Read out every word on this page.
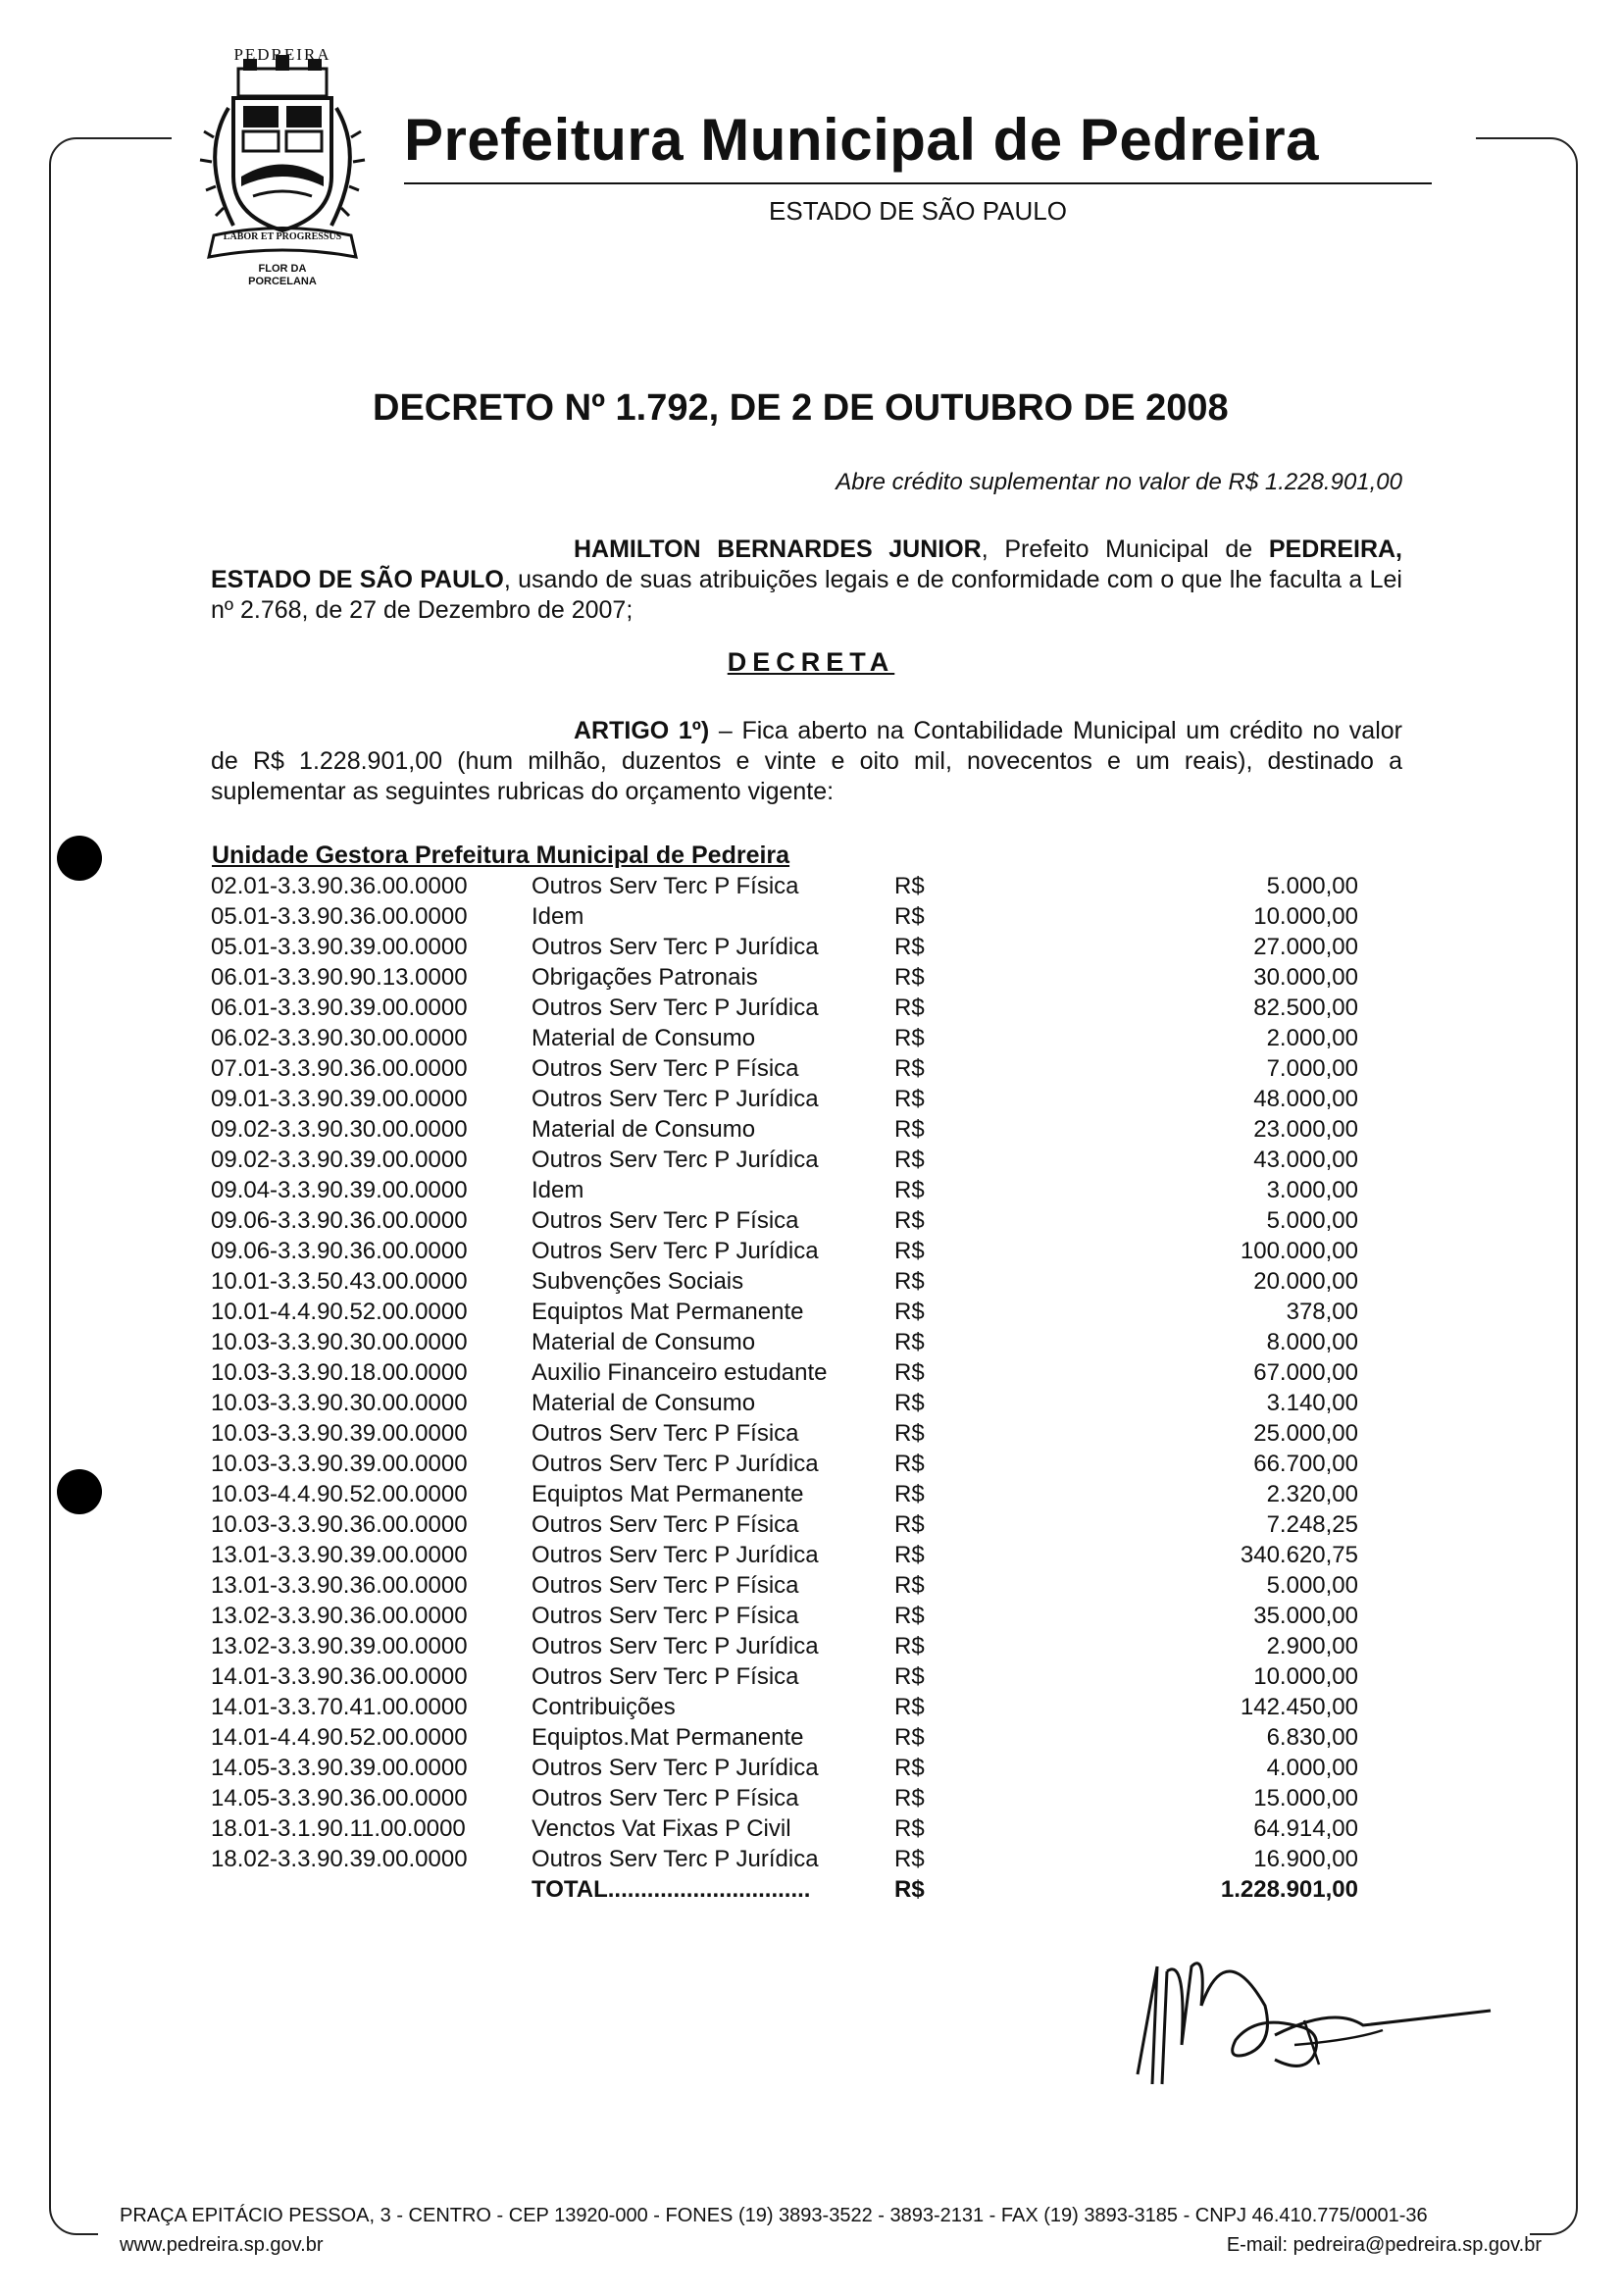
PEDREIRA
LABOR ET PROGRESSUS
FLOR DA
PORCELANA
Prefeitura Municipal de Pedreira
ESTADO DE SÃO PAULO
DECRETO Nº 1.792, DE 2 DE OUTUBRO DE 2008
Abre crédito suplementar no valor de R$ 1.228.901,00
HAMILTON BERNARDES JUNIOR, Prefeito Municipal de PEDREIRA, ESTADO DE SÃO PAULO, usando de suas atribuições legais e de conformidade com o que lhe faculta a Lei nº 2.768, de 27 de Dezembro de 2007;
DECRETA
ARTIGO 1º) – Fica aberto na Contabilidade Municipal um crédito no valor de R$ 1.228.901,00 (hum milhão, duzentos e vinte e oito mil, novecentos e um reais), destinado a suplementar as seguintes rubricas do orçamento vigente:
Unidade Gestora Prefeitura Municipal de Pedreira
02.01-3.3.90.36.00.0000	Outros Serv Terc P Física	R$	5.000,00
05.01-3.3.90.36.00.0000	Idem	R$	10.000,00
05.01-3.3.90.39.00.0000	Outros Serv Terc P Jurídica	R$	27.000,00
06.01-3.3.90.90.13.0000	Obrigações Patronais	R$	30.000,00
06.01-3.3.90.39.00.0000	Outros Serv Terc P Jurídica	R$	82.500,00
06.02-3.3.90.30.00.0000	Material de Consumo	R$	2.000,00
07.01-3.3.90.36.00.0000	Outros Serv Terc P Física	R$	7.000,00
09.01-3.3.90.39.00.0000	Outros Serv Terc P Jurídica	R$	48.000,00
09.02-3.3.90.30.00.0000	Material de Consumo	R$	23.000,00
09.02-3.3.90.39.00.0000	Outros Serv Terc P Jurídica	R$	43.000,00
09.04-3.3.90.39.00.0000	Idem	R$	3.000,00
09.06-3.3.90.36.00.0000	Outros Serv Terc P Física	R$	5.000,00
09.06-3.3.90.36.00.0000	Outros Serv Terc P Jurídica	R$	100.000,00
10.01-3.3.50.43.00.0000	Subvenções Sociais	R$	20.000,00
10.01-4.4.90.52.00.0000	Equiptos Mat Permanente	R$	378,00
10.03-3.3.90.30.00.0000	Material de Consumo	R$	8.000,00
10.03-3.3.90.18.00.0000	Auxilio Financeiro estudante	R$	67.000,00
10.03-3.3.90.30.00.0000	Material de Consumo	R$	3.140,00
10.03-3.3.90.39.00.0000	Outros Serv Terc P Física	R$	25.000,00
10.03-3.3.90.39.00.0000	Outros Serv Terc P Jurídica	R$	66.700,00
10.03-4.4.90.52.00.0000	Equiptos Mat Permanente	R$	2.320,00
10.03-3.3.90.36.00.0000	Outros Serv Terc P Física	R$	7.248,25
13.01-3.3.90.39.00.0000	Outros Serv Terc P Jurídica	R$	340.620,75
13.01-3.3.90.36.00.0000	Outros Serv Terc P Física	R$	5.000,00
13.02-3.3.90.36.00.0000	Outros Serv Terc P Física	R$	35.000,00
13.02-3.3.90.39.00.0000	Outros Serv Terc P Jurídica	R$	2.900,00
14.01-3.3.90.36.00.0000	Outros Serv Terc P Física	R$	10.000,00
14.01-3.3.70.41.00.0000	Contribuições	R$	142.450,00
14.01-4.4.90.52.00.0000	Equiptos.Mat Permanente	R$	6.830,00
14.05-3.3.90.39.00.0000	Outros Serv Terc P Jurídica	R$	4.000,00
14.05-3.3.90.36.00.0000	Outros Serv Terc P Física	R$	15.000,00
18.01-3.1.90.11.00.0000	Venctos Vat Fixas P Civil	R$	64.914,00
18.02-3.3.90.39.00.0000	Outros Serv Terc P Jurídica	R$	16.900,00
TOTAL...............................	R$	1.228.901,00
PRAÇA EPITÁCIO PESSOA, 3 - CENTRO - CEP 13920-000 - FONES (19) 3893-3522 - 3893-2131 - FAX (19) 3893-3185 - CNPJ 46.410.775/0001-36
www.pedreira.sp.gov.br	E-mail: pedreira@pedreira.sp.gov.br
